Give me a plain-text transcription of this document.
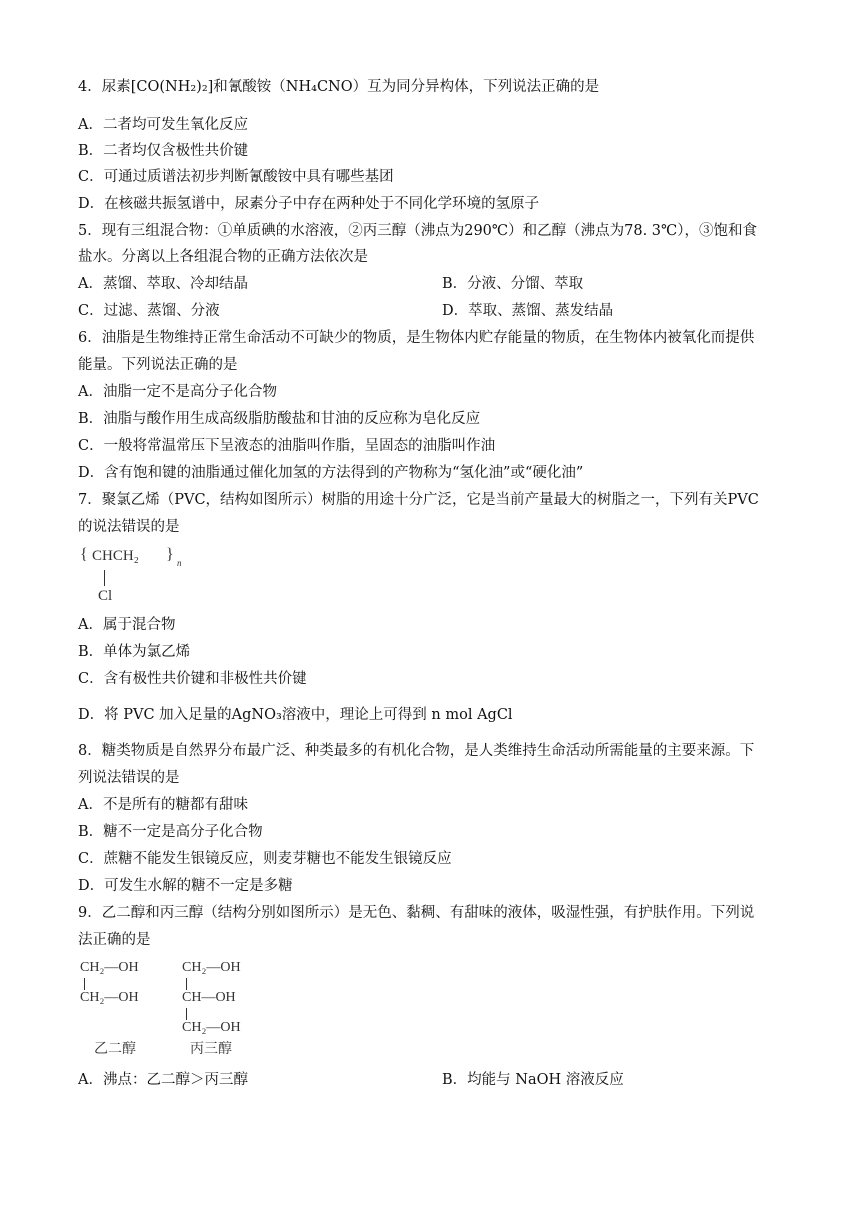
4．尿素[CO(NH₂)₂]和氰酸铵（NH₄CNO）互为同分异构体，下列说法正确的是
A．二者均可发生氧化反应
B．二者均仅含极性共价键
C．可通过质谱法初步判断氰酸铵中具有哪些基团
D．在核磁共振氢谱中，尿素分子中存在两种处于不同化学环境的氢原子
5．现有三组混合物：①单质碘的水溶液，②丙三醇（沸点为290℃）和乙醇（沸点为78. 3℃），③饱和食
盐水。分离以上各组混合物的正确方法依次是
A．蒸馏、萃取、冷却结晶	B．分液、分馏、萃取
C．过滤、蒸馏、分液	D．萃取、蒸馏、蒸发结晶
6．油脂是生物维持正常生命活动不可缺少的物质，是生物体内贮存能量的物质，在生物体内被氧化而提供
能量。下列说法正确的是
A．油脂一定不是高分子化合物
B．油脂与酸作用生成高级脂肪酸盐和甘油的反应称为皂化反应
C．一般将常温常压下呈液态的油脂叫作脂，呈固态的油脂叫作油
D．含有饱和键的油脂通过催化加氢的方法得到的产物称为“氢化油”或“硬化油”
7．聚氯乙烯（PVC，结构如图所示）树脂的用途十分广泛，它是当前产量最大的树脂之一，下列有关PVC
的说法错误的是
{ CHCH₂ } n
Cl
A．属于混合物
B．单体为氯乙烯
C．含有极性共价键和非极性共价键
D．将 PVC 加入足量的AgNO₃溶液中，理论上可得到 n mol AgCl
8．糖类物质是自然界分布最广泛、种类最多的有机化合物，是人类维持生命活动所需能量的主要来源。下
列说法错误的是
A．不是所有的糖都有甜味
B．糖不一定是高分子化合物
C．蔗糖不能发生银镜反应，则麦芽糖也不能发生银镜反应
D．可发生水解的糖不一定是多糖
9．乙二醇和丙三醇（结构分别如图所示）是无色、黏稠、有甜味的液体，吸湿性强，有护肤作用。下列说
法正确的是
CH₂—OH
CH₂—OH
乙二醇
CH₂—OH
CH—OH
CH₂—OH
丙三醇
A．沸点：乙二醇＞丙三醇	B．均能与 NaOH 溶液反应
